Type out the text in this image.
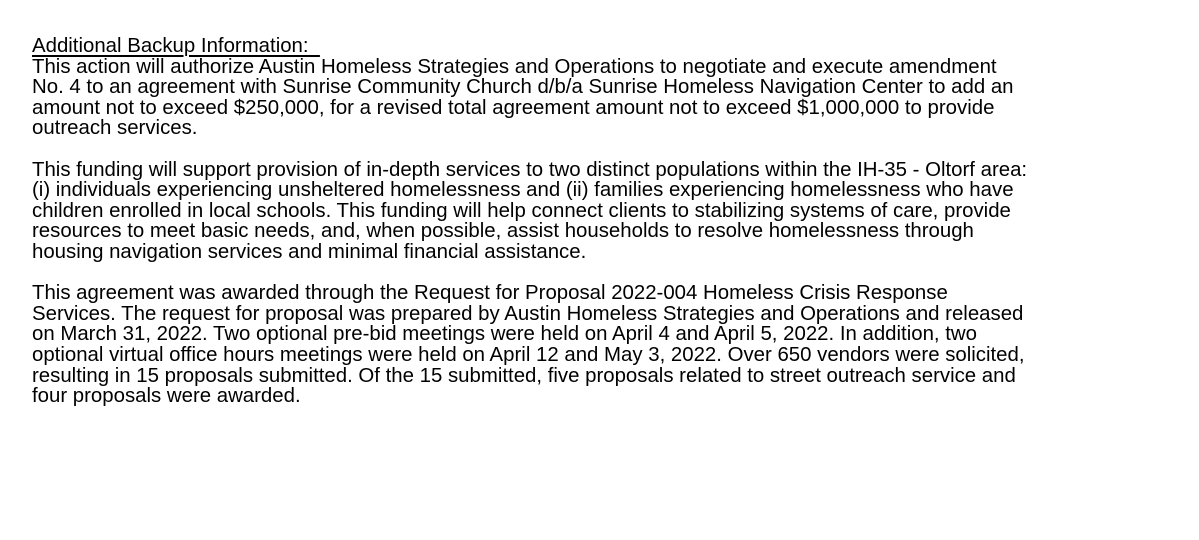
Additional Backup Information:
This action will authorize Austin Homeless Strategies and Operations to negotiate and execute amendment
No. 4 to an agreement with Sunrise Community Church d/b/a Sunrise Homeless Navigation Center to add an
amount not to exceed $250,000, for a revised total agreement amount not to exceed $1,000,000 to provide
outreach services.
This funding will support provision of in-depth services to two distinct populations within the IH-35 - Oltorf area:
(i) individuals experiencing unsheltered homelessness and (ii) families experiencing homelessness who have
children enrolled in local schools. This funding will help connect clients to stabilizing systems of care, provide
resources to meet basic needs, and, when possible, assist households to resolve homelessness through
housing navigation services and minimal financial assistance.
This agreement was awarded through the Request for Proposal 2022-004 Homeless Crisis Response
Services. The request for proposal was prepared by Austin Homeless Strategies and Operations and released
on March 31, 2022. Two optional pre-bid meetings were held on April 4 and April 5, 2022. In addition, two
optional virtual office hours meetings were held on April 12 and May 3, 2022. Over 650 vendors were solicited,
resulting in 15 proposals submitted. Of the 15 submitted, five proposals related to street outreach service and
four proposals were awarded.
